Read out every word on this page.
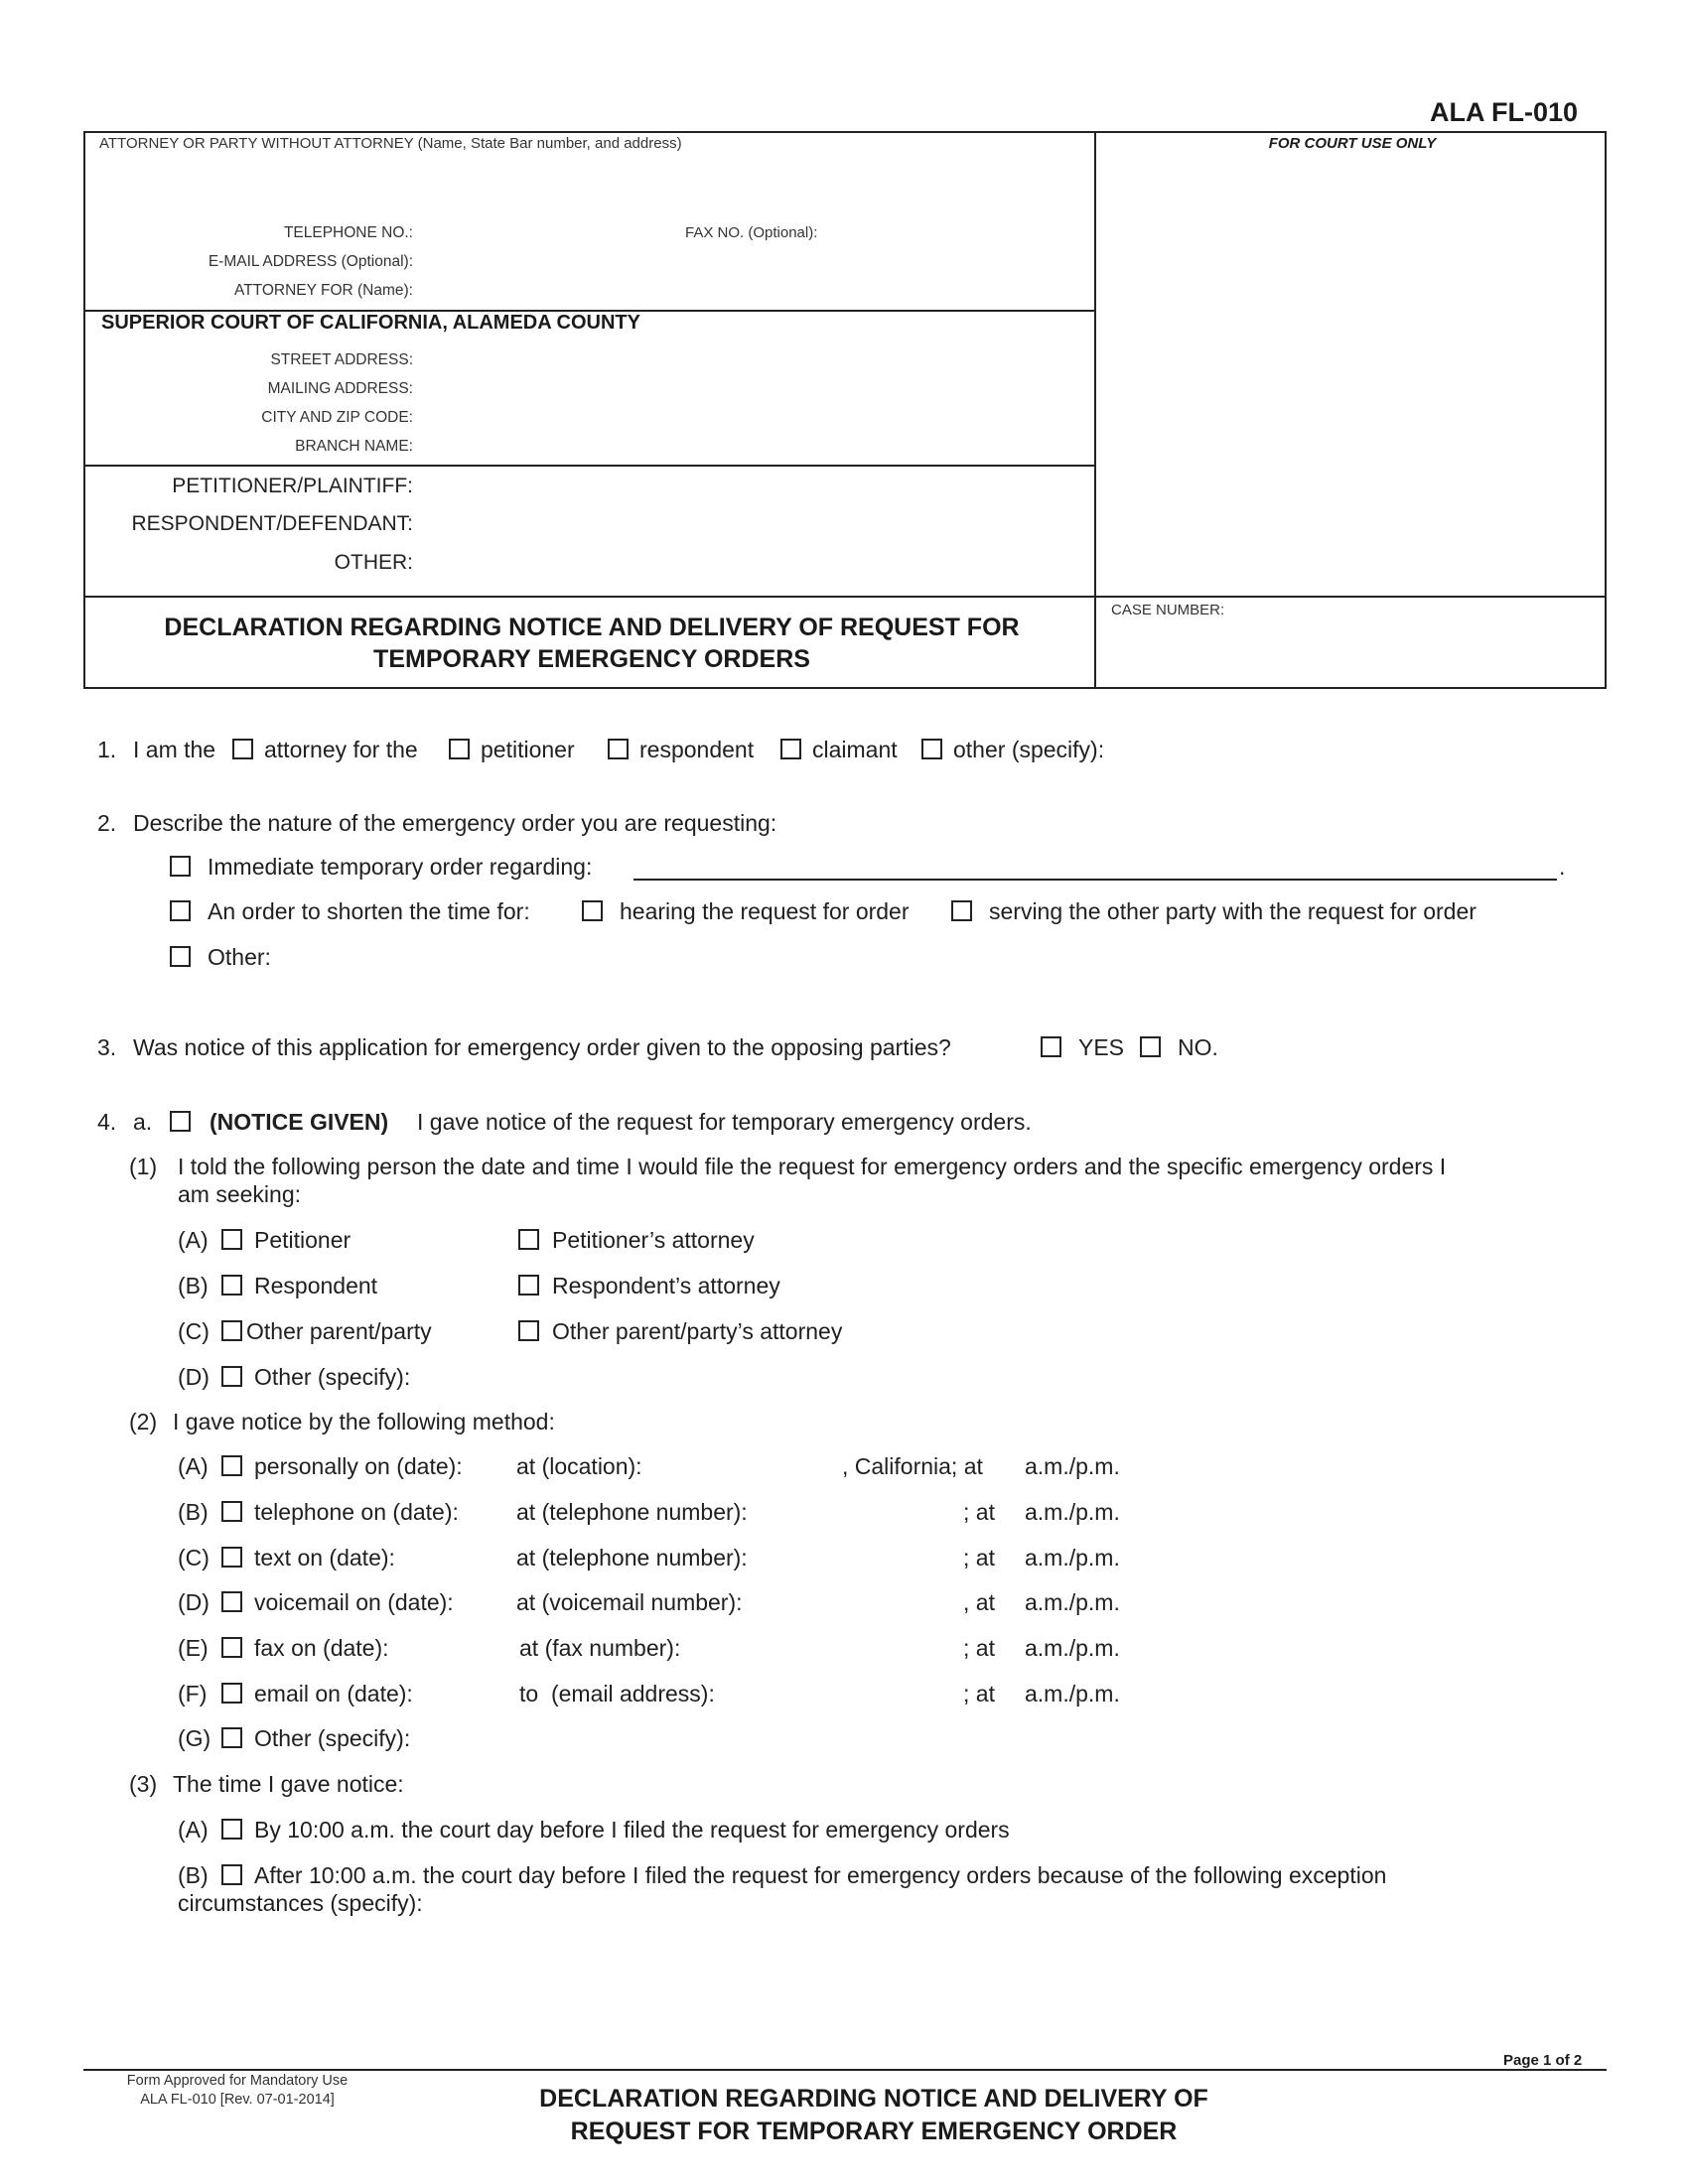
ALA FL-010
ATTORNEY OR PARTY WITHOUT ATTORNEY (Name, State Bar number, and address)
TELEPHONE NO.:	FAX NO. (Optional):
E-MAIL ADDRESS (Optional):
ATTORNEY FOR (Name):
SUPERIOR COURT OF CALIFORNIA, ALAMEDA COUNTY
STREET ADDRESS:
MAILING ADDRESS:
CITY AND ZIP CODE:
BRANCH NAME:
PETITIONER/PLAINTIFF:
RESPONDENT/DEFENDANT:
OTHER:
FOR COURT USE ONLY
CASE NUMBER:
DECLARATION REGARDING NOTICE AND DELIVERY OF REQUEST FOR
TEMPORARY EMERGENCY ORDERS
1. I am the attorney for the	petitioner	respondent	claimant other (specify):
2. Describe the nature of the emergency order you are requesting:
Immediate temporary order regarding:	.
An order to shorten the time for:	hearing the request for order	serving the other party with the request for order
Other:
3. Was notice of this application for emergency order given to the opposing parties?	YES NO.
4. a.	(NOTICE GIVEN) I gave notice of the request for temporary emergency orders.
(1) I told the following person the date and time I would file the request for emergency orders and the specific emergency orders I
am seeking:
(A) Petitioner	Petitioner’s attorney
(B) Respondent	Respondent’s attorney
(C) Other parent/party	Other parent/party’s attorney
(D) Other (specify):
(2) I gave notice by the following method:
(A) personally on (date): at (location):	, California; at a.m./p.m.
(B) telephone on (date):	at (telephone number):	; at a.m./p.m.
(C) text on (date):	at (telephone number):	; at a.m./p.m.
(D) voicemail on (date):	at (voicemail number):	, at a.m./p.m.
(E) fax on (date):	at (fax number):	; at a.m./p.m.
(F) email on (date):	to  (email address):	; at a.m./p.m.
(G) Other (specify):
(3) The time I gave notice:
(A) By 10:00 a.m. the court day before I filed the request for emergency orders
(B) After 10:00 a.m. the court day before I filed the request for emergency orders because of the following exception
circumstances (specify):
Page 1 of 2
Form Approved for Mandatory Use
ALA FL-010 [Rev. 07-01-2014]	DECLARATION REGARDING NOTICE AND DELIVERY OF
REQUEST FOR TEMPORARY EMERGENCY ORDER
